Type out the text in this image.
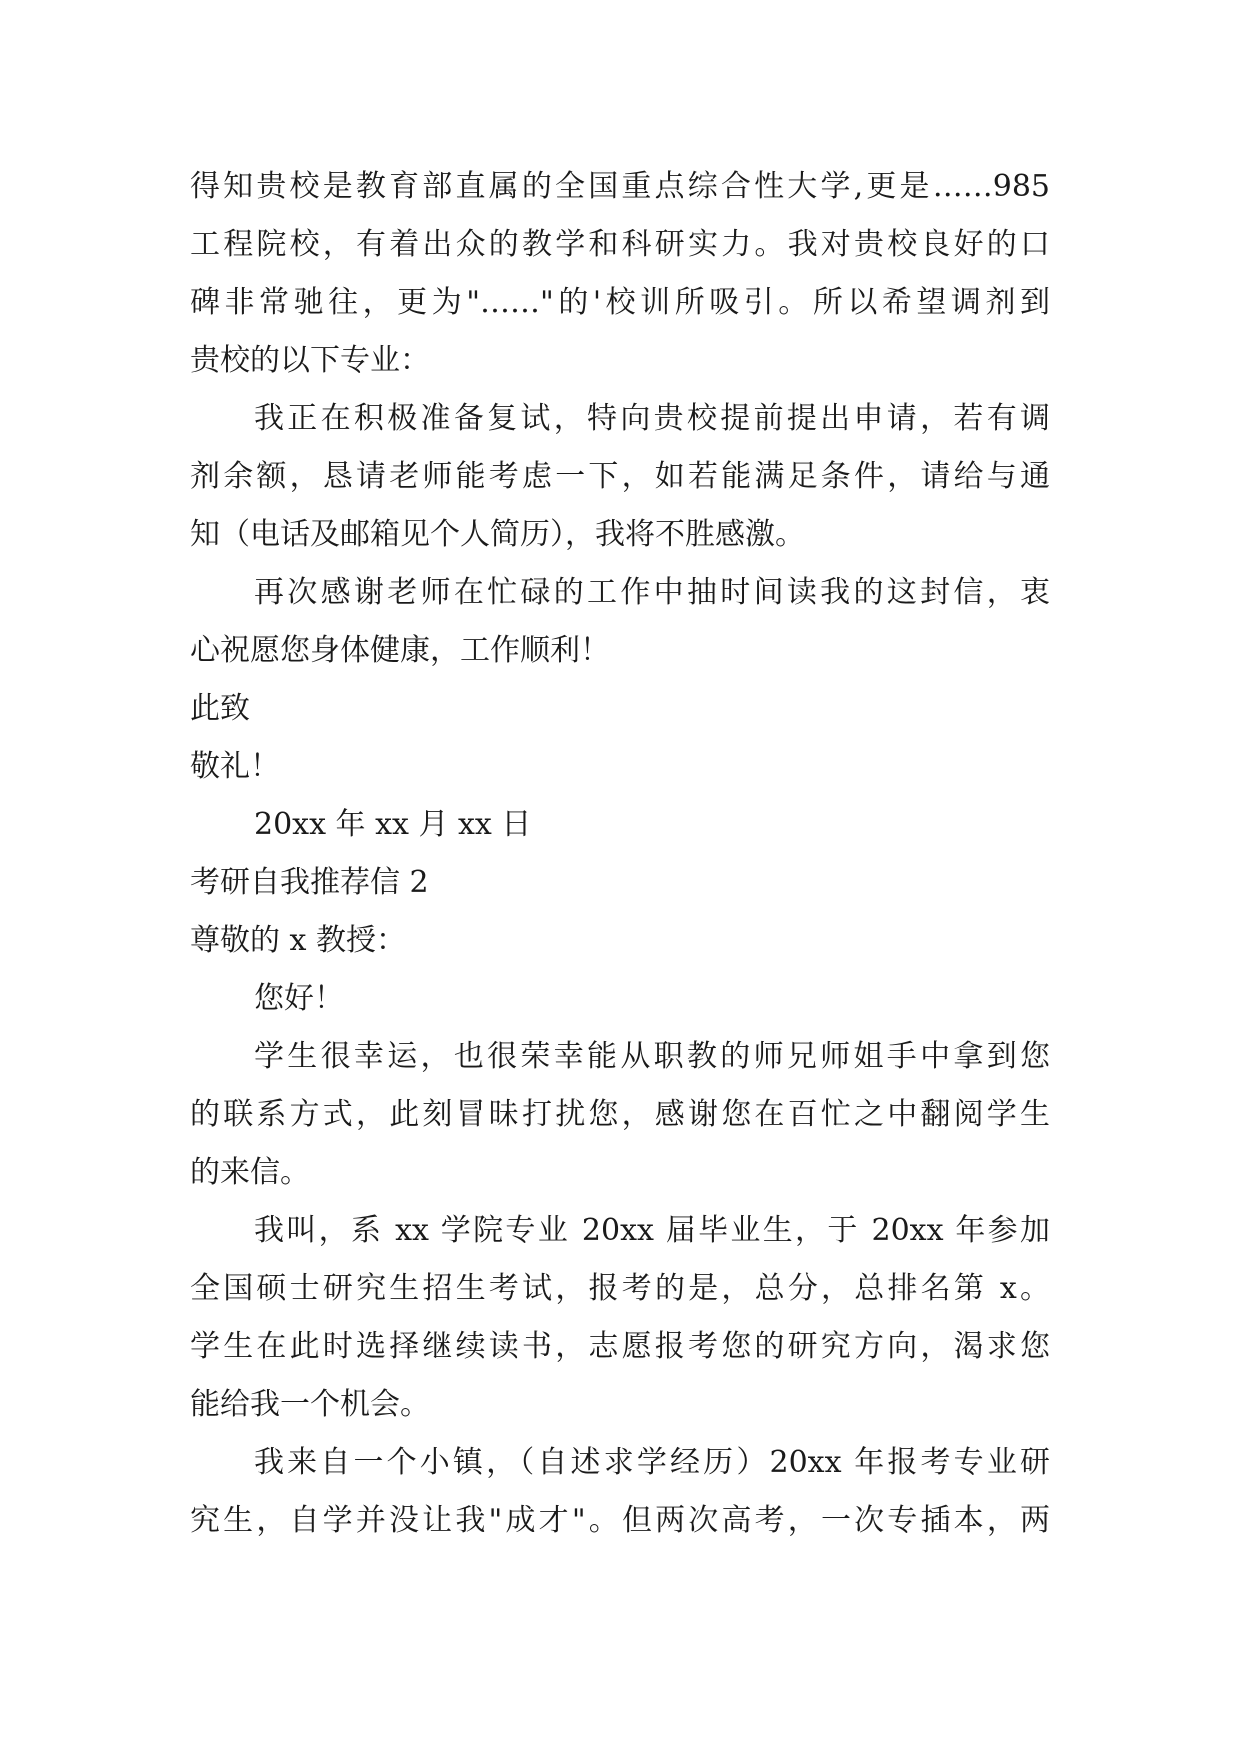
得知贵校是教育部直属的全国重点综合性大学,更是……985
工程院校，有着出众的教学和科研实力。我对贵校良好的口
碑非常驰往，更为"……"的'校训所吸引。所以希望调剂到
贵校的以下专业：
我正在积极准备复试，特向贵校提前提出申请，若有调
剂余额，恳请老师能考虑一下，如若能满足条件，请给与通
知（电话及邮箱见个人简历），我将不胜感激。
再次感谢老师在忙碌的工作中抽时间读我的这封信，衷
心祝愿您身体健康，工作顺利！
此致
敬礼！
20xx 年 xx 月 xx 日
考研自我推荐信 2
尊敬的 x 教授：
您好！
学生很幸运，也很荣幸能从职教的师兄师姐手中拿到您
的联系方式，此刻冒昧打扰您，感谢您在百忙之中翻阅学生
的来信。
我叫，系 xx 学院专业 20xx 届毕业生，于 20xx 年参加
全国硕士研究生招生考试，报考的是，总分，总排名第 x。
学生在此时选择继续读书，志愿报考您的研究方向，渴求您
能给我一个机会。
我来自一个小镇，（自述求学经历）20xx 年报考专业研
究生，自学并没让我"成才"。但两次高考，一次专插本，两
